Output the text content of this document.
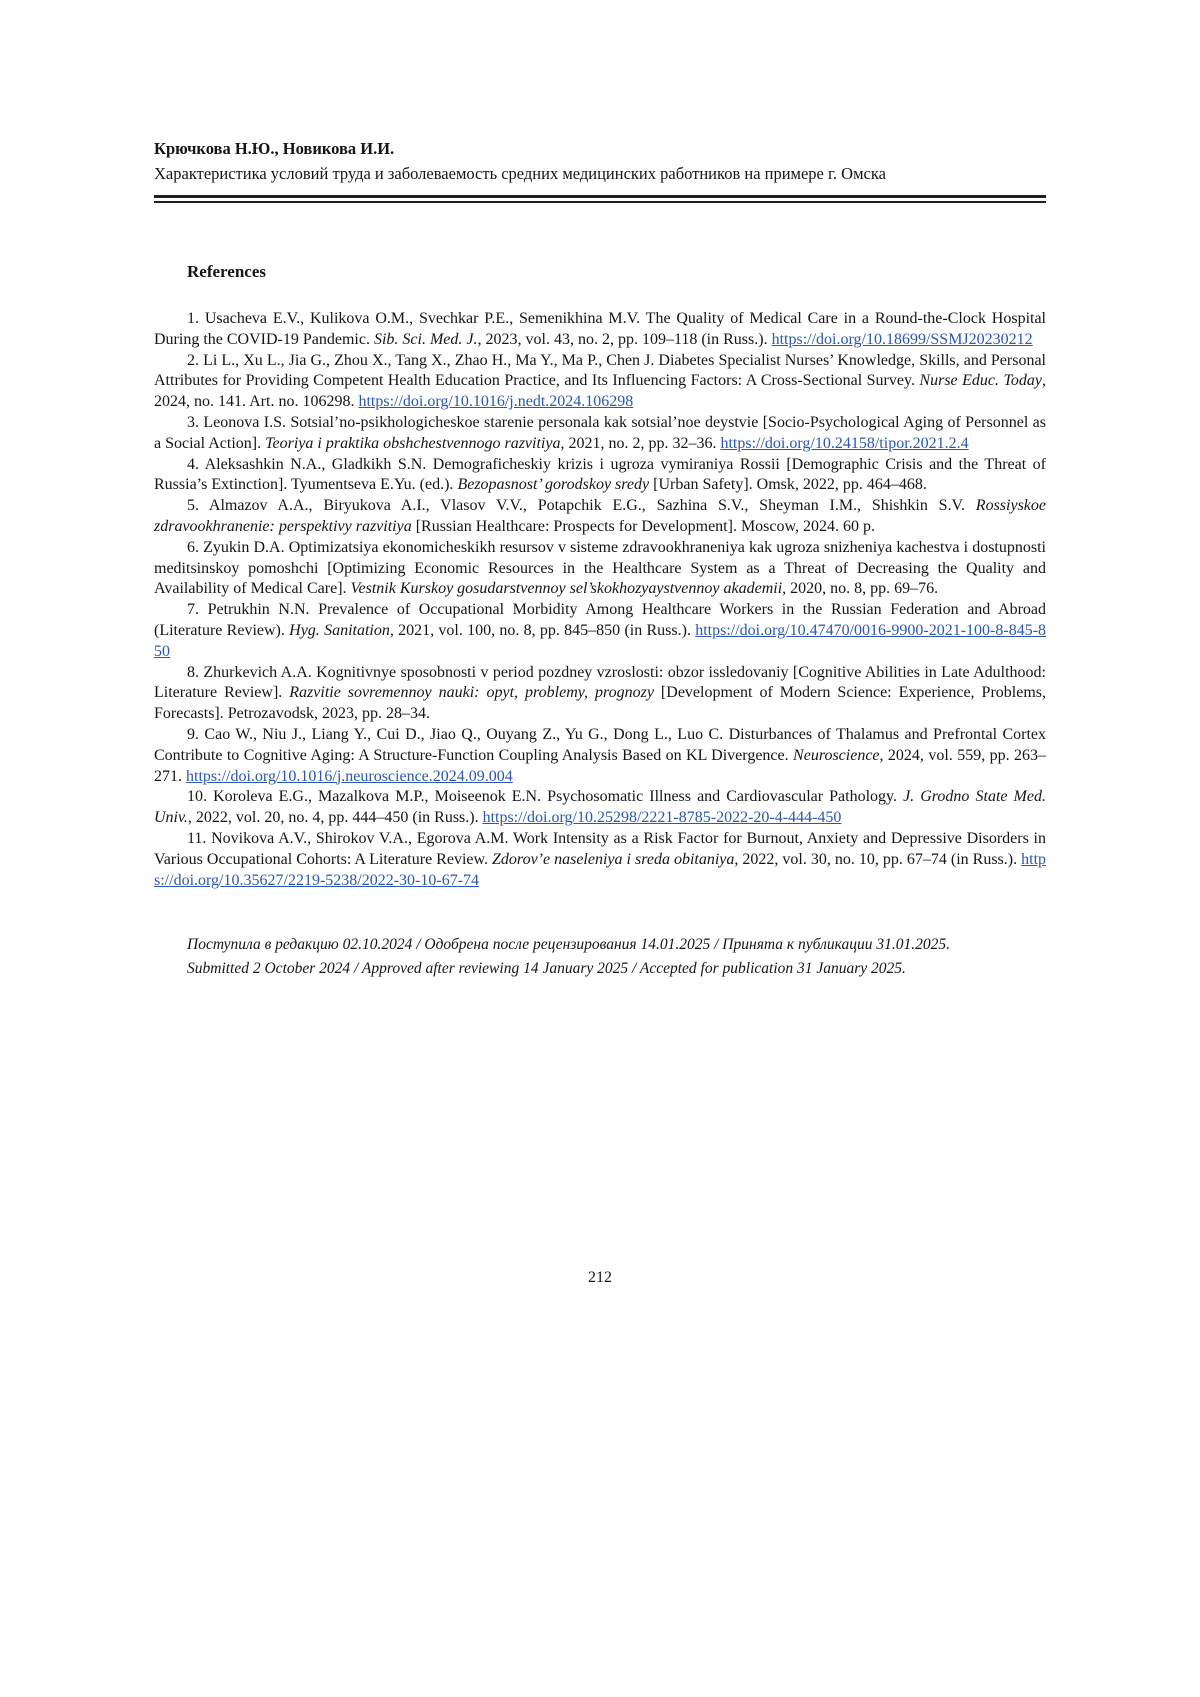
Крючкова Н.Ю., Новикова И.И.
Характеристика условий труда и заболеваемость средних медицинских работников на примере г. Омска
References

1. Usacheva E.V., Kulikova O.M., Svechkar P.E., Semenikhina M.V. The Quality of Medical Care in a Round-the-Clock Hospital During the COVID-19 Pandemic. Sib. Sci. Med. J., 2023, vol. 43, no. 2, pp. 109–118 (in Russ.). https://doi.org/10.18699/SSMJ20230212

2. Li L., Xu L., Jia G., Zhou X., Tang X., Zhao H., Ma Y., Ma P., Chen J. Diabetes Specialist Nurses’ Knowledge, Skills, and Personal Attributes for Providing Competent Health Education Practice, and Its Influencing Factors: A Cross-Sectional Survey. Nurse Educ. Today, 2024, no. 141. Art. no. 106298. https://doi.org/10.1016/j.nedt.2024.106298

3. Leonova I.S. Sotsial’no-psikhologicheskoe starenie personala kak sotsial’noe deystvie [Socio-Psychological Aging of Personnel as a Social Action]. Teoriya i praktika obshchestvennogo razvitiya, 2021, no. 2, pp. 32–36. https://doi.org/10.24158/tipor.2021.2.4

4. Aleksashkin N.A., Gladkikh S.N. Demograficheskiy krizis i ugroza vymiraniya Rossii [Demographic Crisis and the Threat of Russia’s Extinction]. Tyumentseva E.Yu. (ed.). Bezopasnost’ gorodskoy sredy [Urban Safety]. Omsk, 2022, pp. 464–468.

5. Almazov A.A., Biryukova A.I., Vlasov V.V., Potapchik E.G., Sazhina S.V., Sheyman I.M., Shishkin S.V. Rossiyskoe zdravookhranenie: perspektivy razvitiya [Russian Healthcare: Prospects for Development]. Moscow, 2024. 60 p.

6. Zyukin D.A. Optimizatsiya ekonomicheskikh resursov v sisteme zdravookhraneniya kak ugroza snizheniya kachestva i dostupnosti meditsinskoy pomoshchi [Optimizing Economic Resources in the Healthcare System as a Threat of Decreasing the Quality and Availability of Medical Care]. Vestnik Kurskoy gosudarstvennoy sel’skokhozyaystvennoy akademii, 2020, no. 8, pp. 69–76.

7. Petrukhin N.N. Prevalence of Occupational Morbidity Among Healthcare Workers in the Russian Federation and Abroad (Literature Review). Hyg. Sanitation, 2021, vol. 100, no. 8, pp. 845–850 (in Russ.). https://doi.org/10.47470/0016-9900-2021-100-8-845-850

8. Zhurkevich A.A. Kognitivnye sposobnosti v period pozdney vzroslosti: obzor issledovaniy [Cognitive Abilities in Late Adulthood: Literature Review]. Razvitie sovremennoy nauki: opyt, problemy, prognozy [Development of Modern Science: Experience, Problems, Forecasts]. Petrozavodsk, 2023, pp. 28–34.

9. Cao W., Niu J., Liang Y., Cui D., Jiao Q., Ouyang Z., Yu G., Dong L., Luo C. Disturbances of Thalamus and Prefrontal Cortex Contribute to Cognitive Aging: A Structure-Function Coupling Analysis Based on KL Divergence. Neuroscience, 2024, vol. 559, pp. 263–271. https://doi.org/10.1016/j.neuroscience.2024.09.004

10. Koroleva E.G., Mazalkova M.P., Moiseenok E.N. Psychosomatic Illness and Cardiovascular Pathology. J. Grodno State Med. Univ., 2022, vol. 20, no. 4, pp. 444–450 (in Russ.). https://doi.org/10.25298/2221-8785-2022-20-4-444-450

11. Novikova A.V., Shirokov V.A., Egorova A.M. Work Intensity as a Risk Factor for Burnout, Anxiety and Depressive Disorders in Various Occupational Cohorts: A Literature Review. Zdorov’e naseleniya i sreda obitaniya, 2022, vol. 30, no. 10, pp. 67–74 (in Russ.). https://doi.org/10.35627/2219-5238/2022-30-10-67-74

Поступила в редакцию 02.10.2024 / Одобрена после рецензирования 14.01.2025 / Принята к публикации 31.01.2025.

Submitted 2 October 2024 / Approved after reviewing 14 January 2025 / Accepted for publication 31 January 2025.

212
